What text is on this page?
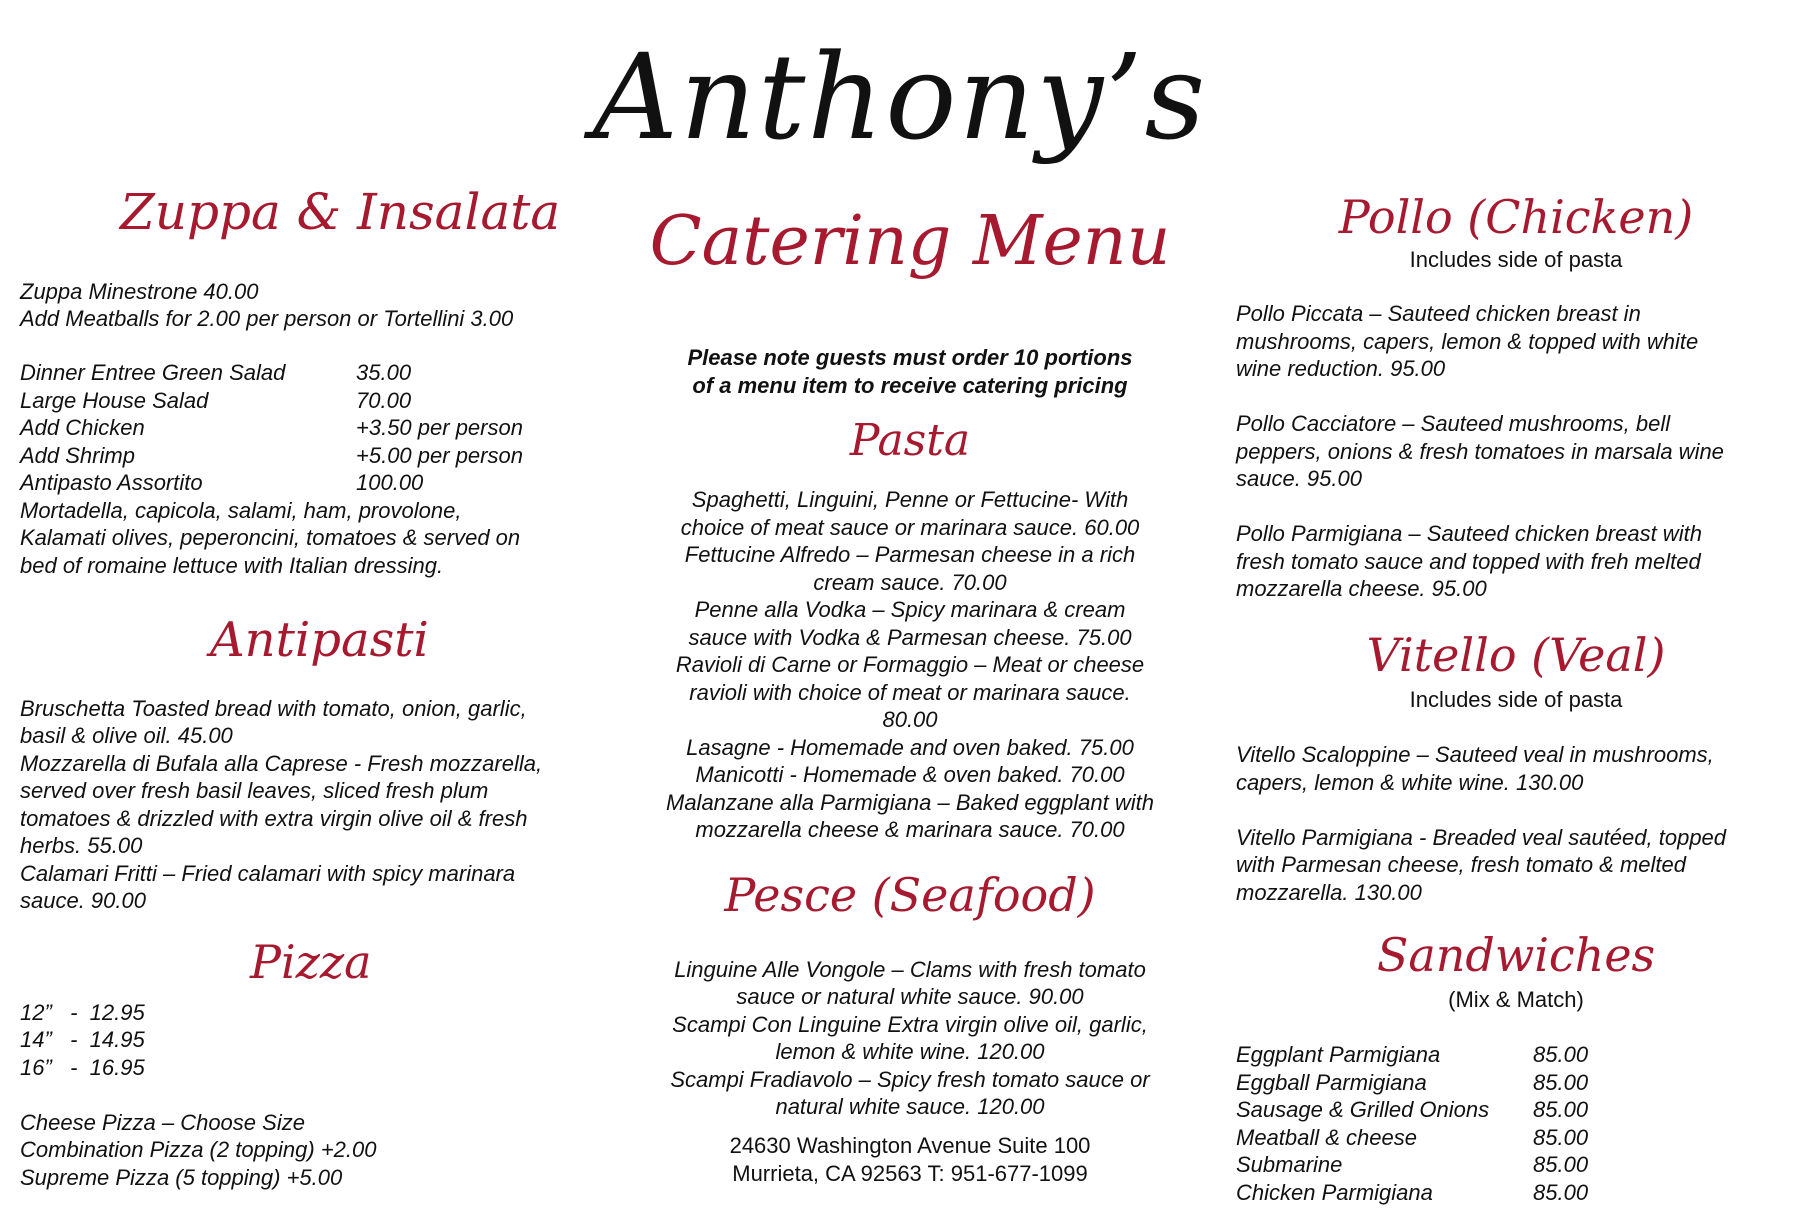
Anthony’s
Zuppa & Insalata
Zuppa Minestrone 40.00
Add Meatballs for 2.00 per person or Tortellini 3.00
Dinner Entree Green Salad	35.00
Large House Salad	70.00
Add Chicken	+3.50 per person
Add Shrimp	+5.00 per person
Antipasto Assortito	100.00
Mortadella, capicola, salami, ham, provolone,
Kalamati olives, peperoncini, tomatoes & served on
bed of romaine lettuce with Italian dressing.
Antipasti
Bruschetta Toasted bread with tomato, onion, garlic,
basil & olive oil. 45.00
Mozzarella di Bufala alla Caprese - Fresh mozzarella,
served over fresh basil leaves, sliced fresh plum
tomatoes & drizzled with extra virgin olive oil & fresh
herbs. 55.00
Calamari Fritti – Fried calamari with spicy marinara
sauce. 90.00
Pizza
12”   -  12.95
14”   -  14.95
16”   -  16.95
Cheese Pizza – Choose Size
Combination Pizza (2 topping) +2.00
Supreme Pizza (5 topping) +5.00
Catering Menu
Please note guests must order 10 portions
of a menu item to receive catering pricing
Pasta
Spaghetti, Linguini, Penne or Fettucine- With
choice of meat sauce or marinara sauce. 60.00
Fettucine Alfredo – Parmesan cheese in a rich
cream sauce. 70.00
Penne alla Vodka – Spicy marinara & cream
sauce with Vodka & Parmesan cheese. 75.00
Ravioli di Carne or Formaggio – Meat or cheese
ravioli with choice of meat or marinara sauce.
80.00
Lasagne - Homemade and oven baked. 75.00
Manicotti - Homemade & oven baked. 70.00
Malanzane alla Parmigiana – Baked eggplant with
mozzarella cheese & marinara sauce. 70.00
Pesce (Seafood)
Linguine Alle Vongole – Clams with fresh tomato
sauce or natural white sauce. 90.00
Scampi Con Linguine Extra virgin olive oil, garlic,
lemon & white wine. 120.00
Scampi Fradiavolo – Spicy fresh tomato sauce or
natural white sauce. 120.00
24630 Washington Avenue Suite 100
Murrieta, CA 92563 T: 951-677-1099
Pollo (Chicken)
Includes side of pasta
Pollo Piccata – Sauteed chicken breast in
mushrooms, capers, lemon & topped with white
wine reduction. 95.00
Pollo Cacciatore – Sauteed mushrooms, bell
peppers, onions & fresh tomatoes in marsala wine
sauce. 95.00
Pollo Parmigiana – Sauteed chicken breast with
fresh tomato sauce and topped with freh melted
mozzarella cheese. 95.00
Vitello (Veal)
Includes side of pasta
Vitello Scaloppine – Sauteed veal in mushrooms,
capers, lemon & white wine. 130.00
Vitello Parmigiana - Breaded veal sautéed, topped
with Parmesan cheese, fresh tomato & melted
mozzarella. 130.00
Sandwiches
(Mix & Match)
Eggplant Parmigiana	85.00
Eggball Parmigiana	85.00
Sausage & Grilled Onions 85.00
Meatball & cheese	85.00
Submarine	85.00
Chicken Parmigiana	85.00
